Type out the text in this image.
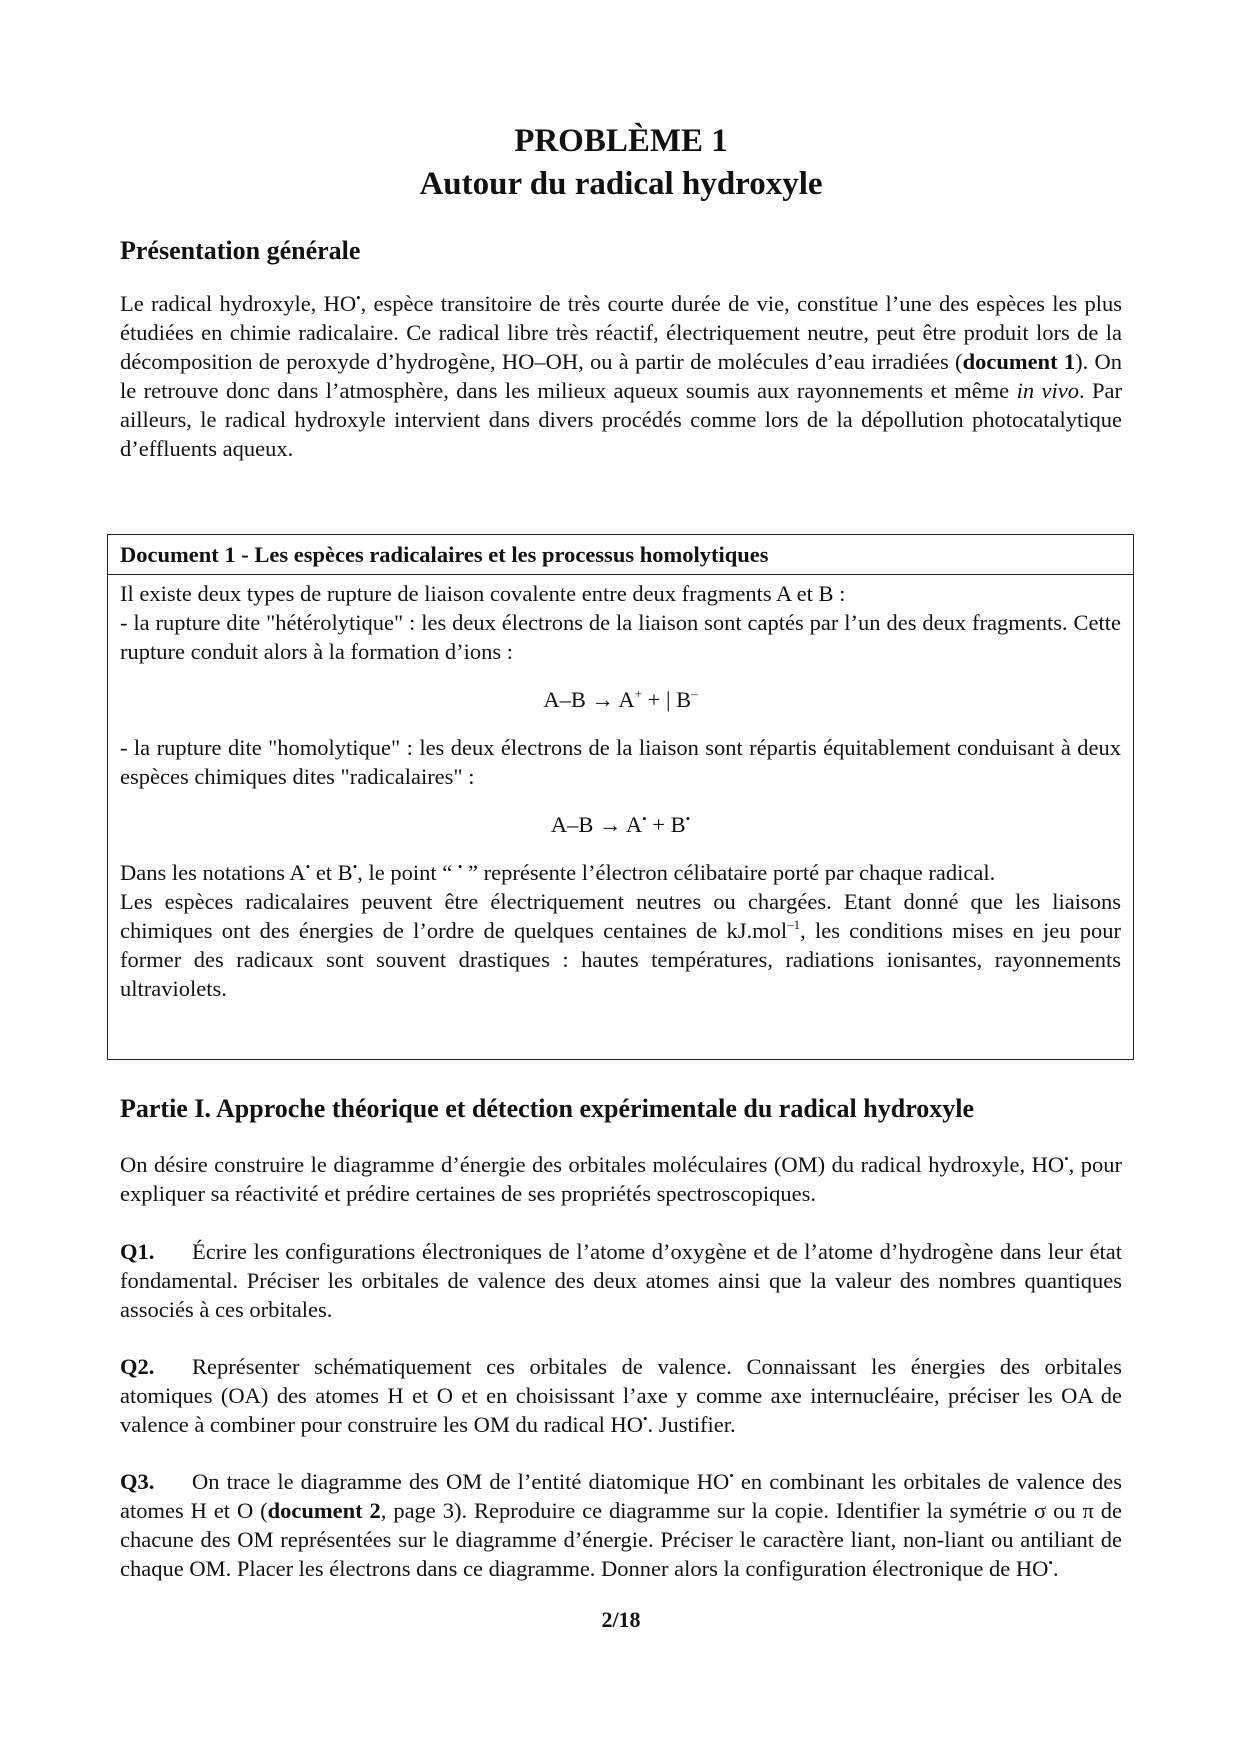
PROBLÈME 1
Autour du radical hydroxyle
Présentation générale

Le radical hydroxyle, HO•, espèce transitoire de très courte durée de vie, constitue l’une des espèces les plus étudiées en chimie radicalaire. Ce radical libre très réactif, électriquement neutre, peut être produit lors de la décomposition de peroxyde d’hydrogène, HO–OH, ou à partir de molécules d’eau irradiées (document 1). On le retrouve donc dans l’atmosphère, dans les milieux aqueux soumis aux rayonnements et même in vivo. Par ailleurs, le radical hydroxyle intervient dans divers procédés comme lors de la dépollution photocatalytique d’effluents aqueux.

Document 1 - Les espèces radicalaires et les processus homolytiques

Il existe deux types de rupture de liaison covalente entre deux fragments A et B :

- la rupture dite "hétérolytique" : les deux électrons de la liaison sont captés par l’un des deux fragments. Cette rupture conduit alors à la formation d’ions :

A–B → A+ + | B–

- la rupture dite "homolytique" : les deux électrons de la liaison sont répartis équitablement conduisant à deux espèces chimiques dites "radicalaires" :

A–B → A• + B•

Dans les notations A• et B•, le point “ • ” représente l’électron célibataire porté par chaque radical.

Les espèces radicalaires peuvent être électriquement neutres ou chargées. Etant donné que les liaisons chimiques ont des énergies de l’ordre de quelques centaines de kJ.mol$^{-1}$, les conditions mises en jeu pour former des radicaux sont souvent drastiques : hautes températures, radiations ionisantes, rayonnements ultraviolets.

Partie I. Approche théorique et détection expérimentale du radical hydroxyle

On désire construire le diagramme d’énergie des orbitales moléculaires (OM) du radical hydroxyle, HO•, pour expliquer sa réactivité et prédire certaines de ses propriétés spectroscopiques.

Q1. Écrire les configurations électroniques de l’atome d’oxygène et de l’atome d’hydrogène dans leur état fondamental. Préciser les orbitales de valence des deux atomes ainsi que la valeur des nombres quantiques associés à ces orbitales.

Q2. Représenter schématiquement ces orbitales de valence. Connaissant les énergies des orbitales atomiques (OA) des atomes H et O et en choisissant l’axe y comme axe internucléaire, préciser les OA de valence à combiner pour construire les OM du radical HO•. Justifier.

Q3. On trace le diagramme des OM de l’entité diatomique HO• en combinant les orbitales de valence des atomes H et O (document 2, page 3). Reproduire ce diagramme sur la copie. Identifier la symétrie σ ou π de chacune des OM représentées sur le diagramme d’énergie. Préciser le caractère liant, non-liant ou antiliant de chaque OM. Placer les électrons dans ce diagramme. Donner alors la configuration électronique de HO•.

2/18
